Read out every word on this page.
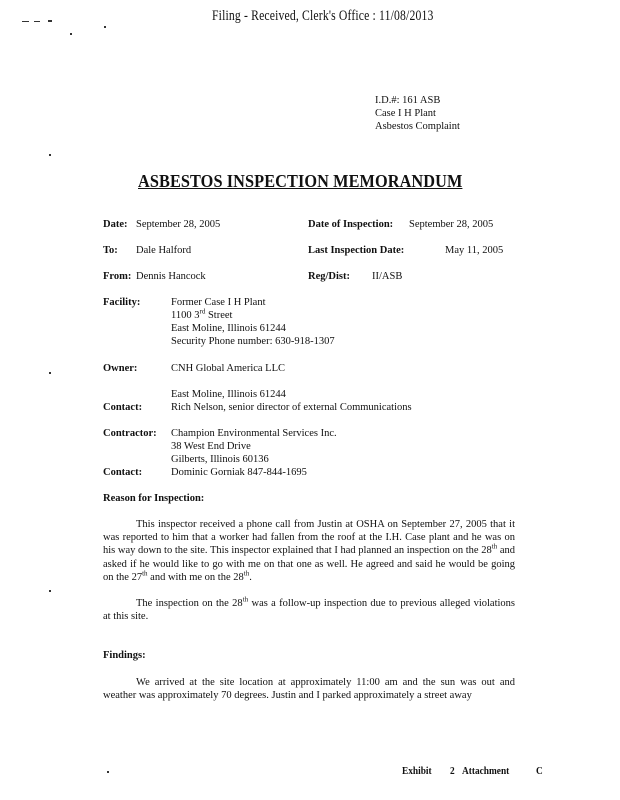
Filing - Received, Clerk's Office : 11/08/2013
I.D.#: 161 ASB
Case I H Plant
Asbestos Complaint
ASBESTOS INSPECTION MEMORANDUM
Date: September 28, 2005	Date of Inspection: September 28, 2005
To: Dale Halford	Last Inspection Date:	May 11, 2005
From: Dennis Hancock	Reg/Dist: II/ASB
Facility:	Former Case I H Plant
1100 3rd Street
East Moline, Illinois 61244
Security Phone number: 630-918-1307
Owner:	CNH Global America LLC
East Moline, Illinois 61244
Contact:	Rich Nelson, senior director of external Communications
Contractor: Champion Environmental Services Inc.
38 West End Drive
Gilberts, Illinois 60136
Contact:	Dominic Gorniak 847-844-1695
Reason for Inspection:
This inspector received a phone call from Justin at OSHA on September 27, 2005 that it was reported to him that a worker had fallen from the roof at the I.H. Case plant and he was on his way down to the site. This inspector explained that I had planned an inspection on the 28th and asked if he would like to go with me on that one as well. He agreed and said he would be going on the 27th and with me on the 28th.
The inspection on the 28th was a follow-up inspection due to previous alleged violations at this site.
Findings:
We arrived at the site location at approximately 11:00 am and the sun was out and weather was approximately 70 degrees. Justin and I parked approximately a street away
Exhibit 2 Attachment C
